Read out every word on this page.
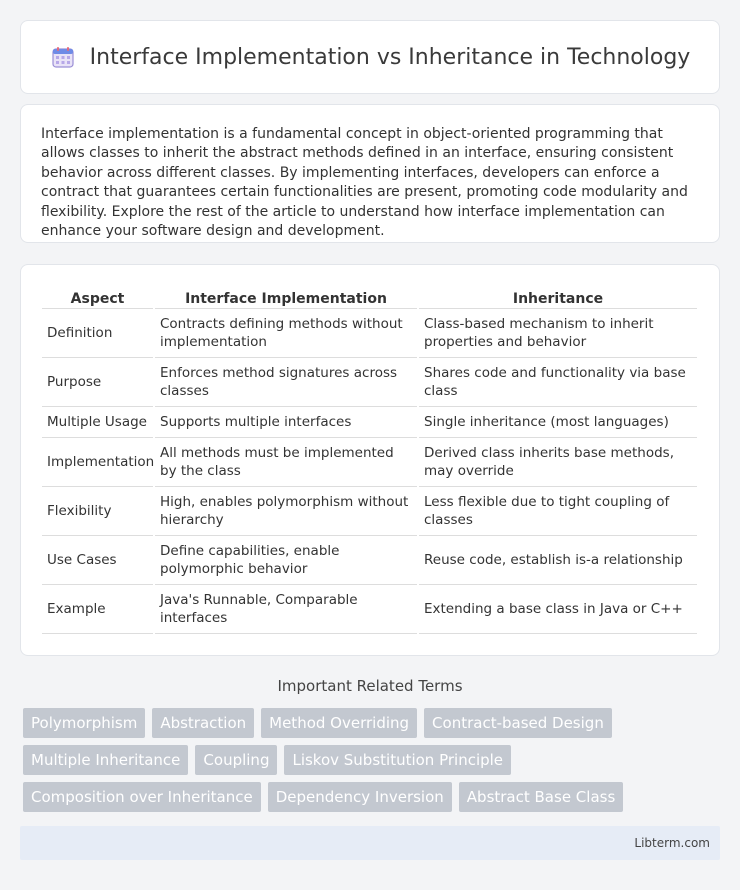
Interface Implementation vs Inheritance in Technology

Interface implementation is a fundamental concept in object-oriented programming that allows classes to inherit the abstract methods defined in an interface, ensuring consistent behavior across different classes. By implementing interfaces, developers can enforce a contract that guarantees certain functionalities are present, promoting code modularity and flexibility. Explore the rest of the article to understand how interface implementation can enhance your software design and development.

Aspect	Interface Implementation	Inheritance
Definition	Contracts defining methods without implementation	Class-based mechanism to inherit properties and behavior
Purpose	Enforces method signatures across classes	Shares code and functionality via base class
Multiple Usage	Supports multiple interfaces	Single inheritance (most languages)
Implementation	All methods must be implemented by the class	Derived class inherits base methods, may override
Flexibility	High, enables polymorphism without hierarchy	Less flexible due to tight coupling of classes
Use Cases	Define capabilities, enable polymorphic behavior	Reuse code, establish is-a relationship
Example	Java's Runnable, Comparable interfaces	Extending a base class in Java or C++
Important Related Terms
Polymorphism	Abstraction	Method Overriding	Contract-based Design
Multiple Inheritance	Coupling	Liskov Substitution Principle
Composition over Inheritance	Dependency Inversion	Abstract Base Class
Libterm.com
